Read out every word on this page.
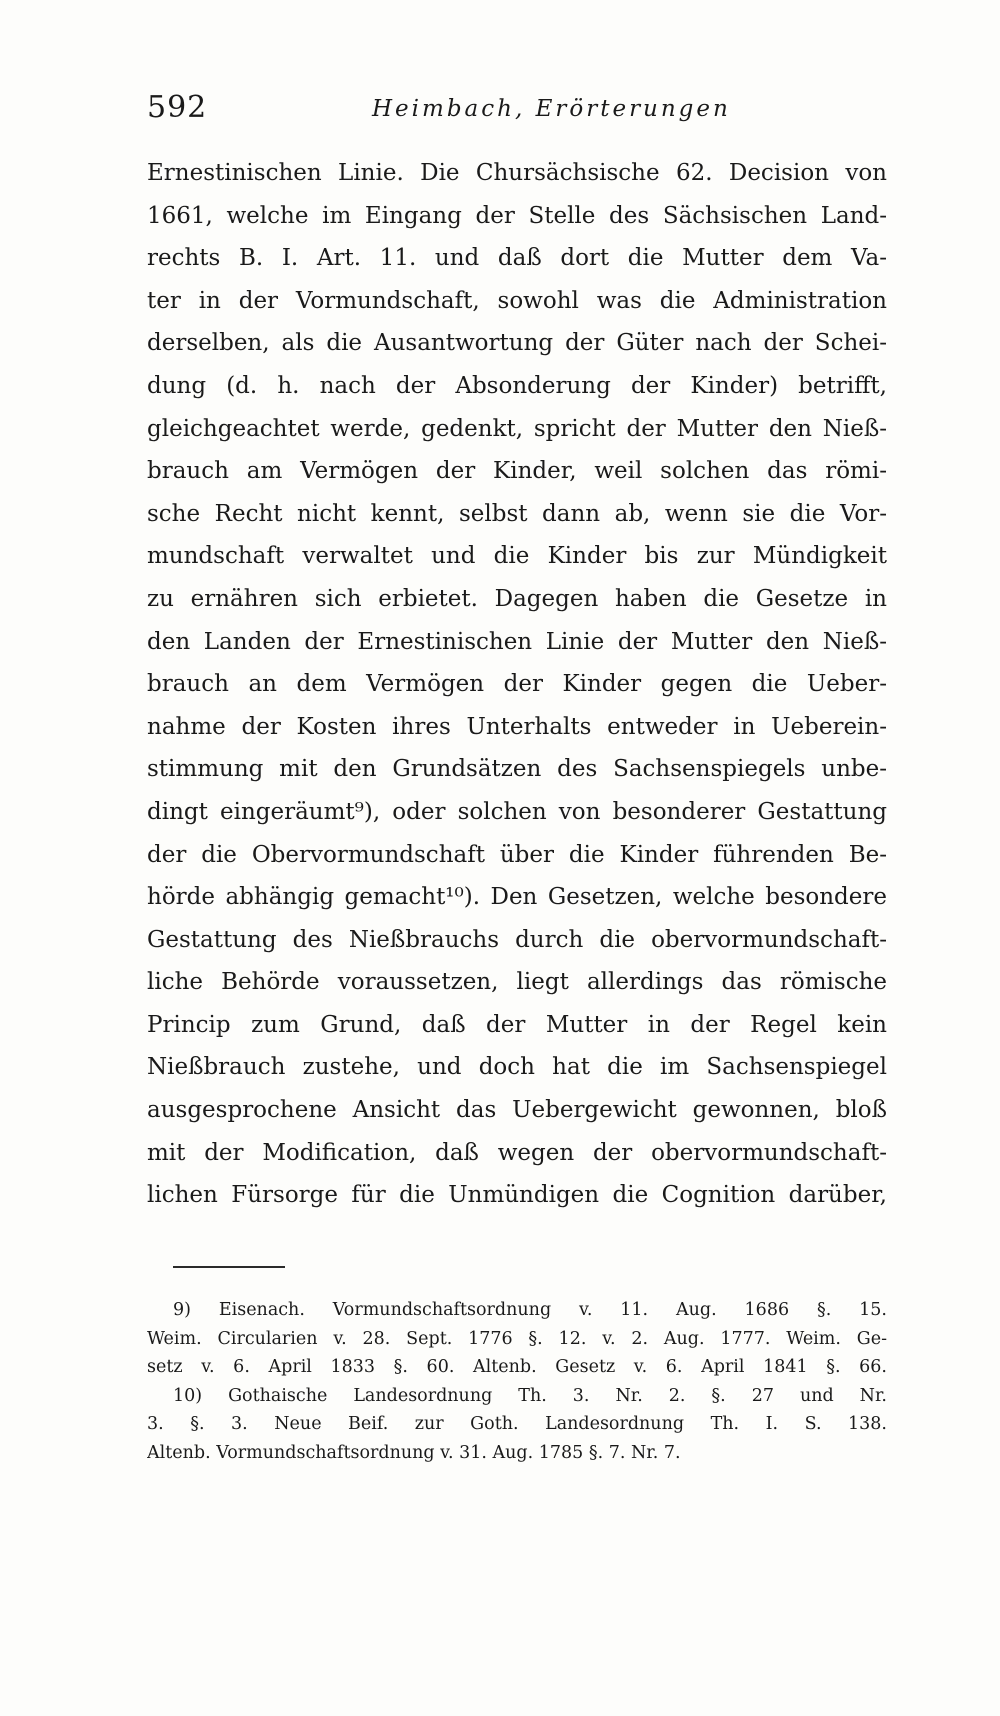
592	Heimbach, Erörterungen
Ernestinischen Linie. Die Chursächsische 62. Decision von
1661, welche im Eingang der Stelle des Sächsischen Land-
rechts B. I. Art. 11. und daß dort die Mutter dem Va-
ter in der Vormundschaft, sowohl was die Administration
derselben, als die Ausantwortung der Güter nach der Schei-
dung (d. h. nach der Absonderung der Kinder) betrifft,
gleichgeachtet werde, gedenkt, spricht der Mutter den Nieß-
brauch am Vermögen der Kinder, weil solchen das römi-
sche Recht nicht kennt, selbst dann ab, wenn sie die Vor-
mundschaft verwaltet und die Kinder bis zur Mündigkeit
zu ernähren sich erbietet. Dagegen haben die Gesetze in
den Landen der Ernestinischen Linie der Mutter den Nieß-
brauch an dem Vermögen der Kinder gegen die Ueber-
nahme der Kosten ihres Unterhalts entweder in Ueberein-
stimmung mit den Grundsätzen des Sachsenspiegels unbe-
dingt eingeräumt⁹), oder solchen von besonderer Gestattung
der die Obervormundschaft über die Kinder führenden Be-
hörde abhängig gemacht¹⁰). Den Gesetzen, welche besondere
Gestattung des Nießbrauchs durch die obervormundschaft-
liche Behörde voraussetzen, liegt allerdings das römische
Princip zum Grund, daß der Mutter in der Regel kein
Nießbrauch zustehe, und doch hat die im Sachsenspiegel
ausgesprochene Ansicht das Uebergewicht gewonnen, bloß
mit der Modification, daß wegen der obervormundschaft-
lichen Fürsorge für die Unmündigen die Cognition darüber,
9) Eisenach. Vormundschaftsordnung v. 11. Aug. 1686 §. 15.
Weim. Circularien v. 28. Sept. 1776 §. 12. v. 2. Aug. 1777. Weim. Ge-
setz v. 6. April 1833 §. 60. Altenb. Gesetz v. 6. April 1841 §. 66.
10) Gothaische Landesordnung Th. 3. Nr. 2. §. 27 und Nr.
3. §. 3. Neue Beif. zur Goth. Landesordnung Th. I. S. 138.
Altenb. Vormundschaftsordnung v. 31. Aug. 1785 §. 7. Nr. 7.
